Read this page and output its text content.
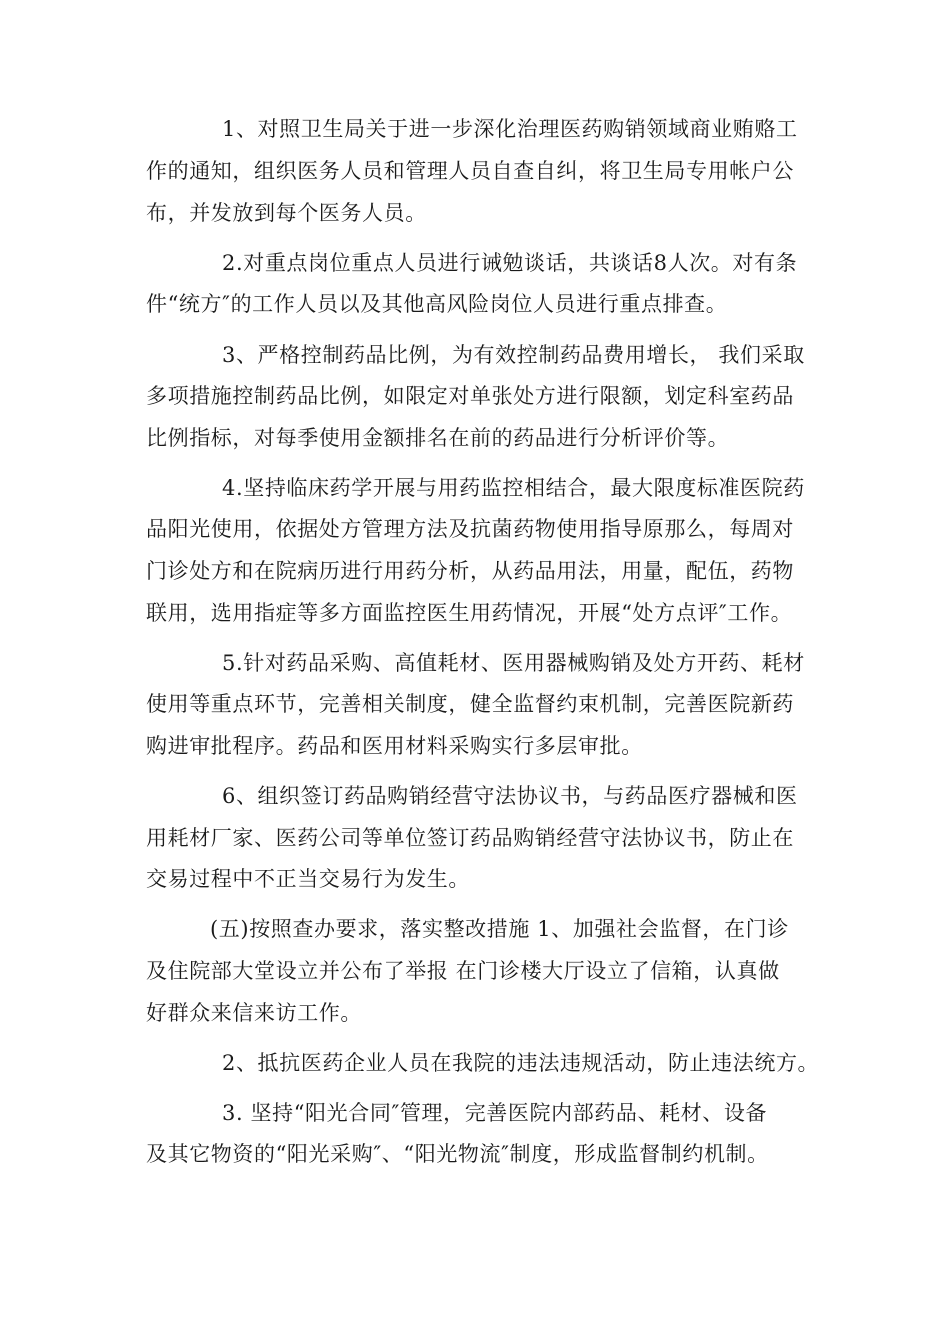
1、对照卫生局关于进一步深化治理医药购销领域商业贿赂工
作的通知，组织医务人员和管理人员自查自纠，将卫生局专用帐户公
布，并发放到每个医务人员。
2.对重点岗位重点人员进行诫勉谈话，共谈话8人次。对有条
件“统方″的工作人员以及其他高风险岗位人员进行重点排查。
3、严格控制药品比例，为有效控制药品费用增长， 我们采取
多项措施控制药品比例，如限定对单张处方进行限额，划定科室药品
比例指标，对每季使用金额排名在前的药品进行分析评价等。
4.坚持临床药学开展与用药监控相结合，最大限度标准医院药
品阳光使用，依据处方管理方法及抗菌药物使用指导原那么，每周对
门诊处方和在院病历进行用药分析，从药品用法，用量，配伍，药物
联用，选用指症等多方面监控医生用药情况，开展“处方点评″工作。
5.针对药品采购、高值耗材、医用器械购销及处方开药、耗材
使用等重点环节，完善相关制度，健全监督约束机制，完善医院新药
购进审批程序。药品和医用材料采购实行多层审批。
6、组织签订药品购销经营守法协议书，与药品医疗器械和医
用耗材厂家、医药公司等单位签订药品购销经营守法协议书，防止在
交易过程中不正当交易行为发生。
(五)按照查办要求，落实整改措施 1、加强社会监督，在门诊
及住院部大堂设立并公布了举报 在门诊楼大厅设立了信箱，认真做
好群众来信来访工作。
2、抵抗医药企业人员在我院的违法违规活动，防止违法统方。
3. 坚持“阳光合同″管理，完善医院内部药品、耗材、设备
及其它物资的“阳光采购″、“阳光物流″制度，形成监督制约机制。
